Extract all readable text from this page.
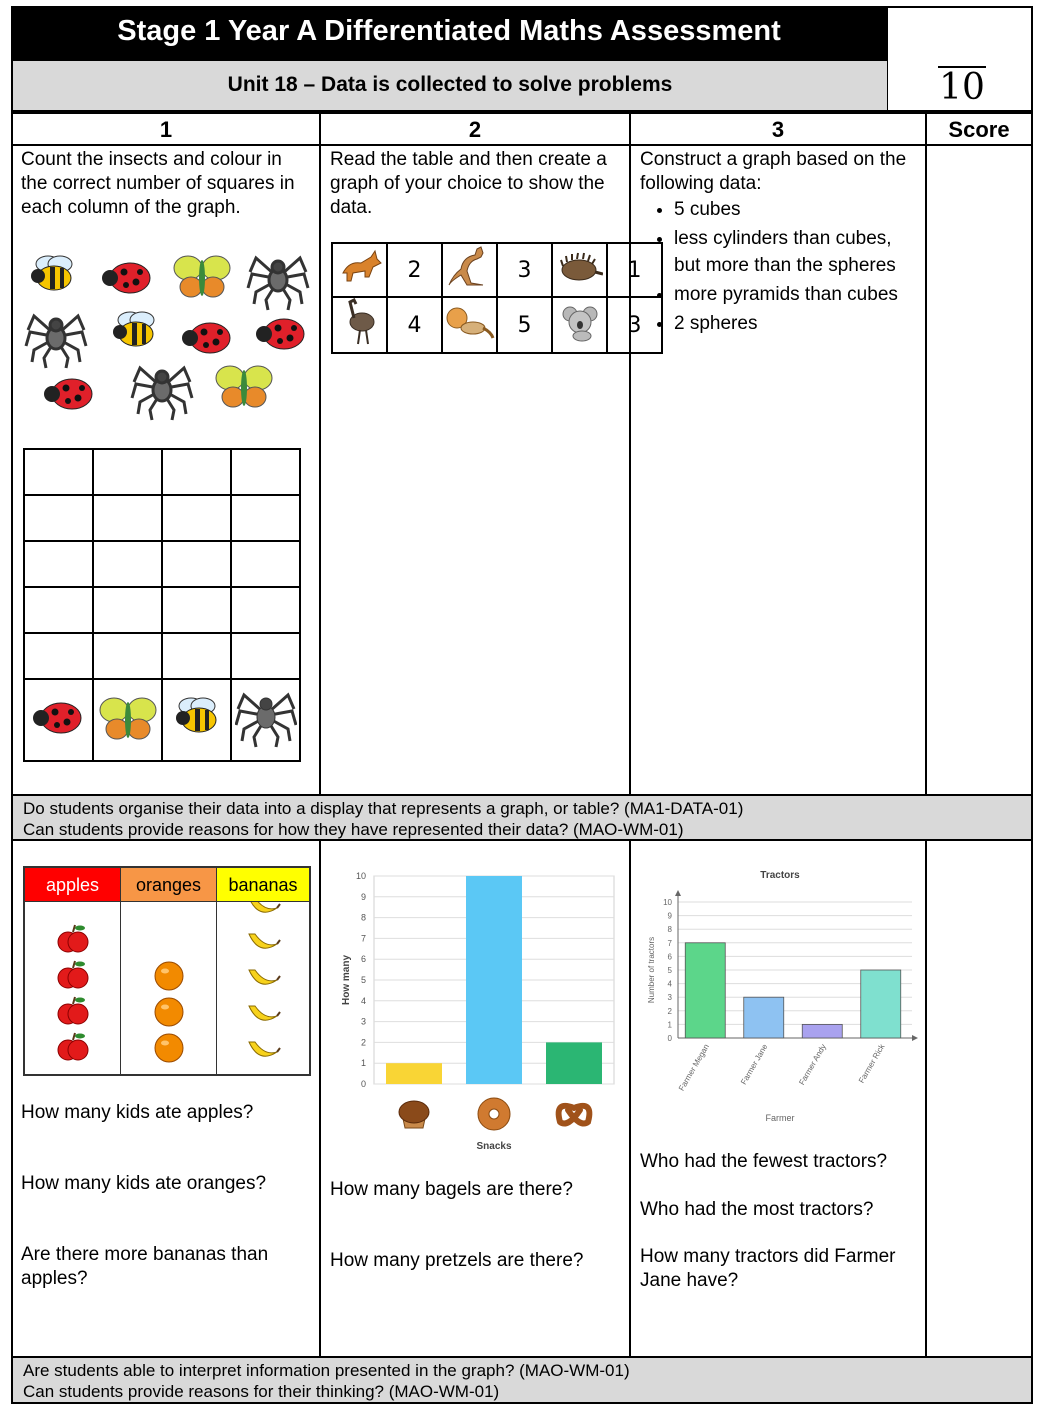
Stage 1 Year A Differentiated Maths Assessment
Unit 18 – Data is collected to solve problems	10
1	2	3	Score
Count the insects and colour in the correct number of squares in each column of the graph.

Read the table and then create a graph of your choice to show the data.
	2		3		1
	4		5		3
Construct a graph based on the following data:
• 5 cubes
• less cylinders than cubes, but more than the spheres
• more pyramids than cubes
• 2 spheres
Do students organise their data into a display that represents a graph, or table? (MA1-DATA-01)
Can students provide reasons for how they have represented their data? (MAO-WM-01)
apples	oranges	bananas
How many kids ate apples?
How many kids ate oranges?
Are there more bananas than apples?
0
1
2
3
4
5
6
7
8
9
10
How many
Snacks
How many bagels are there?
How many pretzels are there?
Tractors
0
1
2
3
4
5
6
7
8
9
10
Number of tractors
Farmer Megan	Farmer Jane	Farmer Andy	Farmer Rick
Farmer
Who had the fewest tractors?
Who had the most tractors?
How many tractors did Farmer Jane have?
Are students able to interpret information presented in the graph? (MAO-WM-01)
Can students provide reasons for their thinking? (MAO-WM-01)
